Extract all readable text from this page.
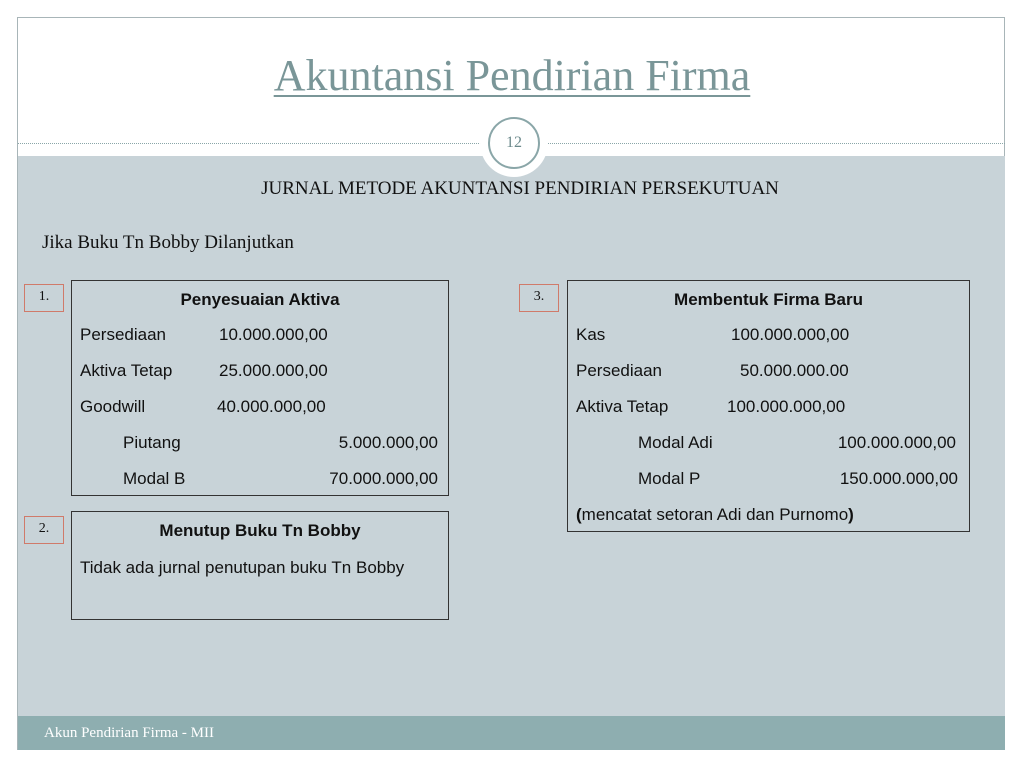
Akuntansi Pendirian Firma
12
JURNAL METODE AKUNTANSI PENDIRIAN PERSEKUTUAN
Jika Buku Tn Bobby Dilanjutkan
1.	Penyesuaian Aktiva
Persediaan	10.000.000,00
Aktiva Tetap	25.000.000,00
Goodwill	40.000.000,00
Piutang	5.000.000,00
Modal B	70.000.000,00
2.	Menutup Buku Tn Bobby
Tidak ada jurnal penutupan buku Tn Bobby
3.	Membentuk Firma Baru
Kas	100.000.000,00
Persediaan	50.000.000.00
Aktiva Tetap	100.000.000,00
Modal Adi	100.000.000,00
Modal P	150.000.000,00
(mencatat setoran Adi dan Purnomo)
Akun Pendirian Firma - MII
